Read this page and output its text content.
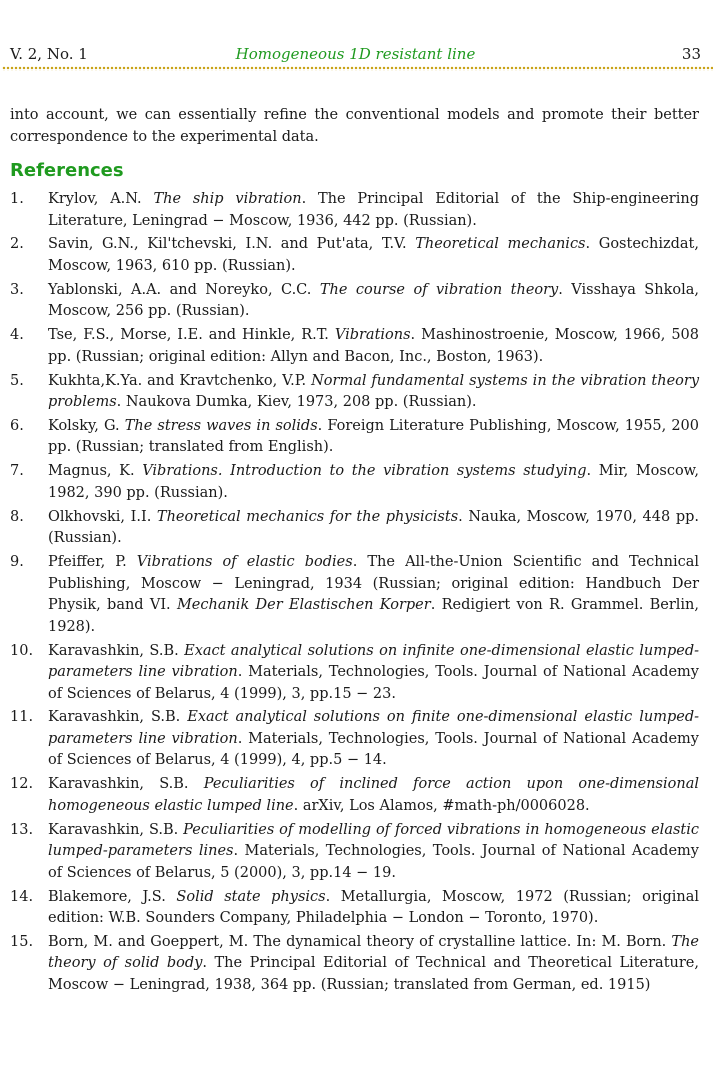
V. 2, No. 1	Homogeneous 1D resistant line	33

into account, we can essentially refine the conventional models and promote their better correspondence to the experimental data.

References
1. Krylov, A.N. The ship vibration. The Principal Editorial of the Ship-engineering Literature, Leningrad − Moscow, 1936, 442 pp. (Russian).
2. Savin, G.N., Kil'tchevski, I.N. and Put'ata, T.V. Theoretical mechanics. Gostechizdat, Moscow, 1963, 610 pp. (Russian).
3. Yablonski, A.A. and Noreyko, C.C. The course of vibration theory. Visshaya Shkola, Moscow, 256 pp. (Russian).
4. Tse, F.S., Morse, I.E. and Hinkle, R.T. Vibrations. Mashinostroenie, Moscow, 1966, 508 pp. (Russian; original edition: Allyn and Bacon, Inc., Boston, 1963).
5. Kukhta,K.Ya. and Kravtchenko, V.P. Normal fundamental systems in the vibration theory problems. Naukova Dumka, Kiev, 1973, 208 pp. (Russian).
6. Kolsky, G. The stress waves in solids. Foreign Literature Publishing, Moscow, 1955, 200 pp. (Russian; translated from English).
7. Magnus, K. Vibrations. Introduction to the vibration systems studying. Mir, Moscow, 1982, 390 pp. (Russian).
8. Olkhovski, I.I. Theoretical mechanics for the physicists. Nauka, Moscow, 1970, 448 pp. (Russian).
9. Pfeiffer, P. Vibrations of elastic bodies. The All-the-Union Scientific and Technical Publishing, Moscow − Leningrad, 1934 (Russian; original edition: Handbuch Der Physik, band VI. Mechanik Der Elastischen Korper. Redigiert von R. Grammel. Berlin, 1928).
10. Karavashkin, S.B. Exact analytical solutions on infinite one-dimensional elastic lumped-parameters line vibration. Materials, Technologies, Tools. Journal of National Academy of Sciences of Belarus, 4 (1999), 3, pp.15 − 23.
11. Karavashkin, S.B. Exact analytical solutions on finite one-dimensional elastic lumped-parameters line vibration. Materials, Technologies, Tools. Journal of National Academy of Sciences of Belarus, 4 (1999), 4, pp.5 − 14.
12. Karavashkin, S.B. Peculiarities of inclined force action upon one-dimensional homogeneous elastic lumped line. arXiv, Los Alamos, #math-ph/0006028.
13. Karavashkin, S.B. Peculiarities of modelling of forced vibrations in homogeneous elastic lumped-parameters lines. Materials, Technologies, Tools. Journal of National Academy of Sciences of Belarus, 5 (2000), 3, pp.14 − 19.
14. Blakemore, J.S. Solid state physics. Metallurgia, Moscow, 1972 (Russian; original edition: W.B. Sounders Company, Philadelphia − London − Toronto, 1970).
15. Born, M. and Goeppert, M. The dynamical theory of crystalline lattice. In: M. Born. The theory of solid body. The Principal Editorial of Technical and Theoretical Literature, Moscow − Leningrad, 1938, 364 pp. (Russian; translated from German, ed. 1915)
